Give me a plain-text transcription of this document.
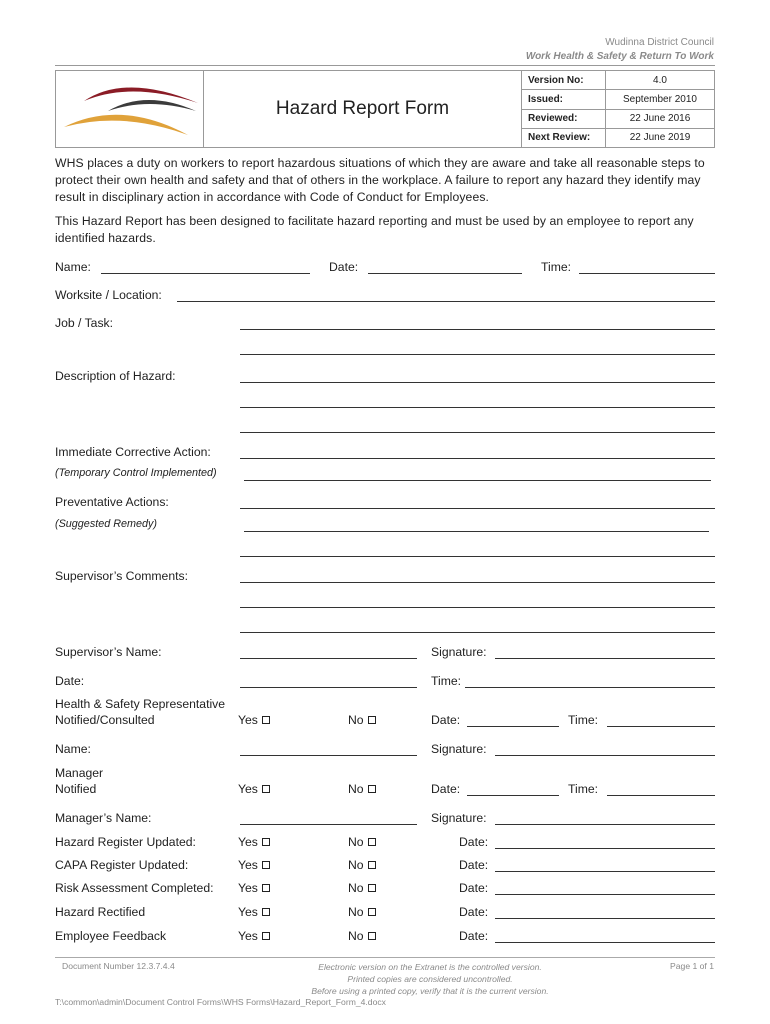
Wudinna District Council
Work Health & Safety & Return To Work
	Hazard Report Form	Version No:	4.0
		Issued:	September 2010
		Reviewed:	22 June 2016
		Next Review:	22 June 2019
WHS places a duty on workers to report hazardous situations of which they are aware and take all reasonable steps to protect their own health and safety and that of others in the workplace. A failure to report any hazard they identify may result in disciplinary action in accordance with Code of Conduct for Employees.
This Hazard Report has been designed to facilitate hazard reporting and must be used by an employee to report any identified hazards.
Name:	Date:	Time:
Worksite / Location:
Job / Task:
Description of Hazard:
Immediate Corrective Action:
(Temporary Control Implemented)
Preventative Actions:
(Suggested Remedy)
Supervisor’s Comments:
Supervisor’s Name:	Signature:
Date:	Time:
Health & Safety Representative
Notified/Consulted	Yes	No	Date:	Time:
Name:	Signature:
Manager
Notified	Yes	No	Date:	Time:
Manager’s Name:	Signature:
Hazard Register Updated:	Yes	No	Date:
CAPA Register Updated:	Yes	No	Date:
Risk Assessment Completed: Yes	No	Date:
Hazard Rectified	Yes	No	Date:
Employee Feedback	Yes	No	Date:
Document Number 12.3.7.4.4	Electronic version on the Extranet is the controlled version.
Printed copies are considered uncontrolled.
Before using a printed copy, verify that it is the current version.
Page 1 of 1
T:\common\admin\Document Control Forms\WHS Forms\Hazard_Report_Form_4.docx
